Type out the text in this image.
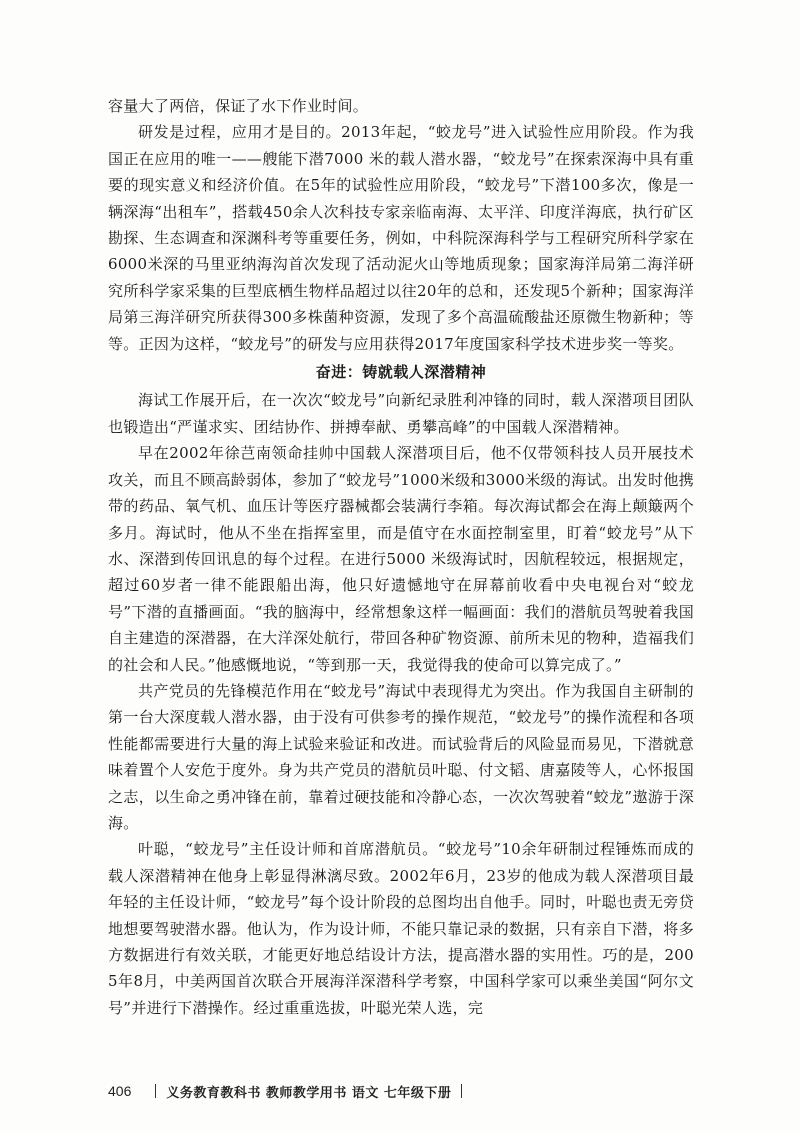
容量大了两倍，保证了水下作业时间。

研发是过程，应用才是目的。2013年起，“蛟龙号”进入试验性应用阶段。作为我国正在应用的唯一——艘能下潜7000 米的载人潜水器，“蛟龙号”在探索深海中具有重要的现实意义和经济价值。在5年的试验性应用阶段，“蛟龙号”下潜100多次，像是一辆深海“出租车”，搭载450余人次科技专家亲临南海、太平洋、印度洋海底，执行矿区勘探、生态调查和深渊科考等重要任务，例如，中科院深海科学与工程研究所科学家在6000米深的马里亚纳海沟首次发现了活动泥火山等地质现象；国家海洋局第二海洋研究所科学家采集的巨型底栖生物样品超过以往20年的总和，还发现5个新种；国家海洋局第三海洋研究所获得300多株菌种资源，发现了多个高温硫酸盐还原微生物新种；等等。正因为这样，“蛟龙号”的研发与应用获得2017年度国家科学技术进步奖一等奖。

奋进：铸就载人深潜精神

海试工作展开后，在一次次“蛟龙号”向新纪录胜利冲锋的同时，载人深潜项目团队也锻造出“严谨求实、团结协作、拼搏奉献、勇攀高峰”的中国载人深潜精神。

早在2002年徐芑南领命挂帅中国载人深潜项目后，他不仅带领科技人员开展技术攻关，而且不顾高龄弱体，参加了“蛟龙号”1000米级和3000米级的海试。出发时他携带的药品、氧气机、血压计等医疗器械都会装满行李箱。每次海试都会在海上颠簸两个多月。海试时，他从不坐在指挥室里，而是值守在水面控制室里，盯着“蛟龙号”从下水、深潜到传回讯息的每个过程。在进行5000 米级海试时，因航程较远，根据规定，超过60岁者一律不能跟船出海，他只好遗憾地守在屏幕前收看中央电视台对“蛟龙号”下潜的直播画面。“我的脑海中，经常想象这样一幅画面：我们的潜航员驾驶着我国自主建造的深潜器，在大洋深处航行，带回各种矿物资源、前所未见的物种，造福我们的社会和人民。”他感慨地说，“等到那一天，我觉得我的使命可以算完成了。”

共产党员的先锋模范作用在“蛟龙号”海试中表现得尤为突出。作为我国自主研制的第一台大深度载人潜水器，由于没有可供参考的操作规范，“蛟龙号”的操作流程和各项性能都需要进行大量的海上试验来验证和改进。而试验背后的风险显而易见，下潜就意味着置个人安危于度外。身为共产党员的潜航员叶聪、付文韬、唐嘉陵等人，心怀报国之志，以生命之勇冲锋在前，靠着过硬技能和冷静心态，一次次驾驶着“蛟龙”遨游于深海。

叶聪，“蛟龙号”主任设计师和首席潜航员。“蛟龙号”10余年研制过程锤炼而成的载人深潜精神在他身上彰显得淋漓尽致。2002年6月，23岁的他成为载人深潜项目最年轻的主任设计师，“蛟龙号”每个设计阶段的总图均出自他手。同时，叶聪也责无旁贷地想要驾驶潜水器。他认为，作为设计师，不能只靠记录的数据，只有亲自下潜，将多方数据进行有效关联，才能更好地总结设计方法，提高潜水器的实用性。巧的是，2005年8月，中美两国首次联合开展海洋深潜科学考察，中国科学家可以乘坐美国“阿尔文号”并进行下潜操作。经过重重选拔，叶聪光荣人选，完

406	义务教育教科书 教师教学用书 语文 七年级下册
